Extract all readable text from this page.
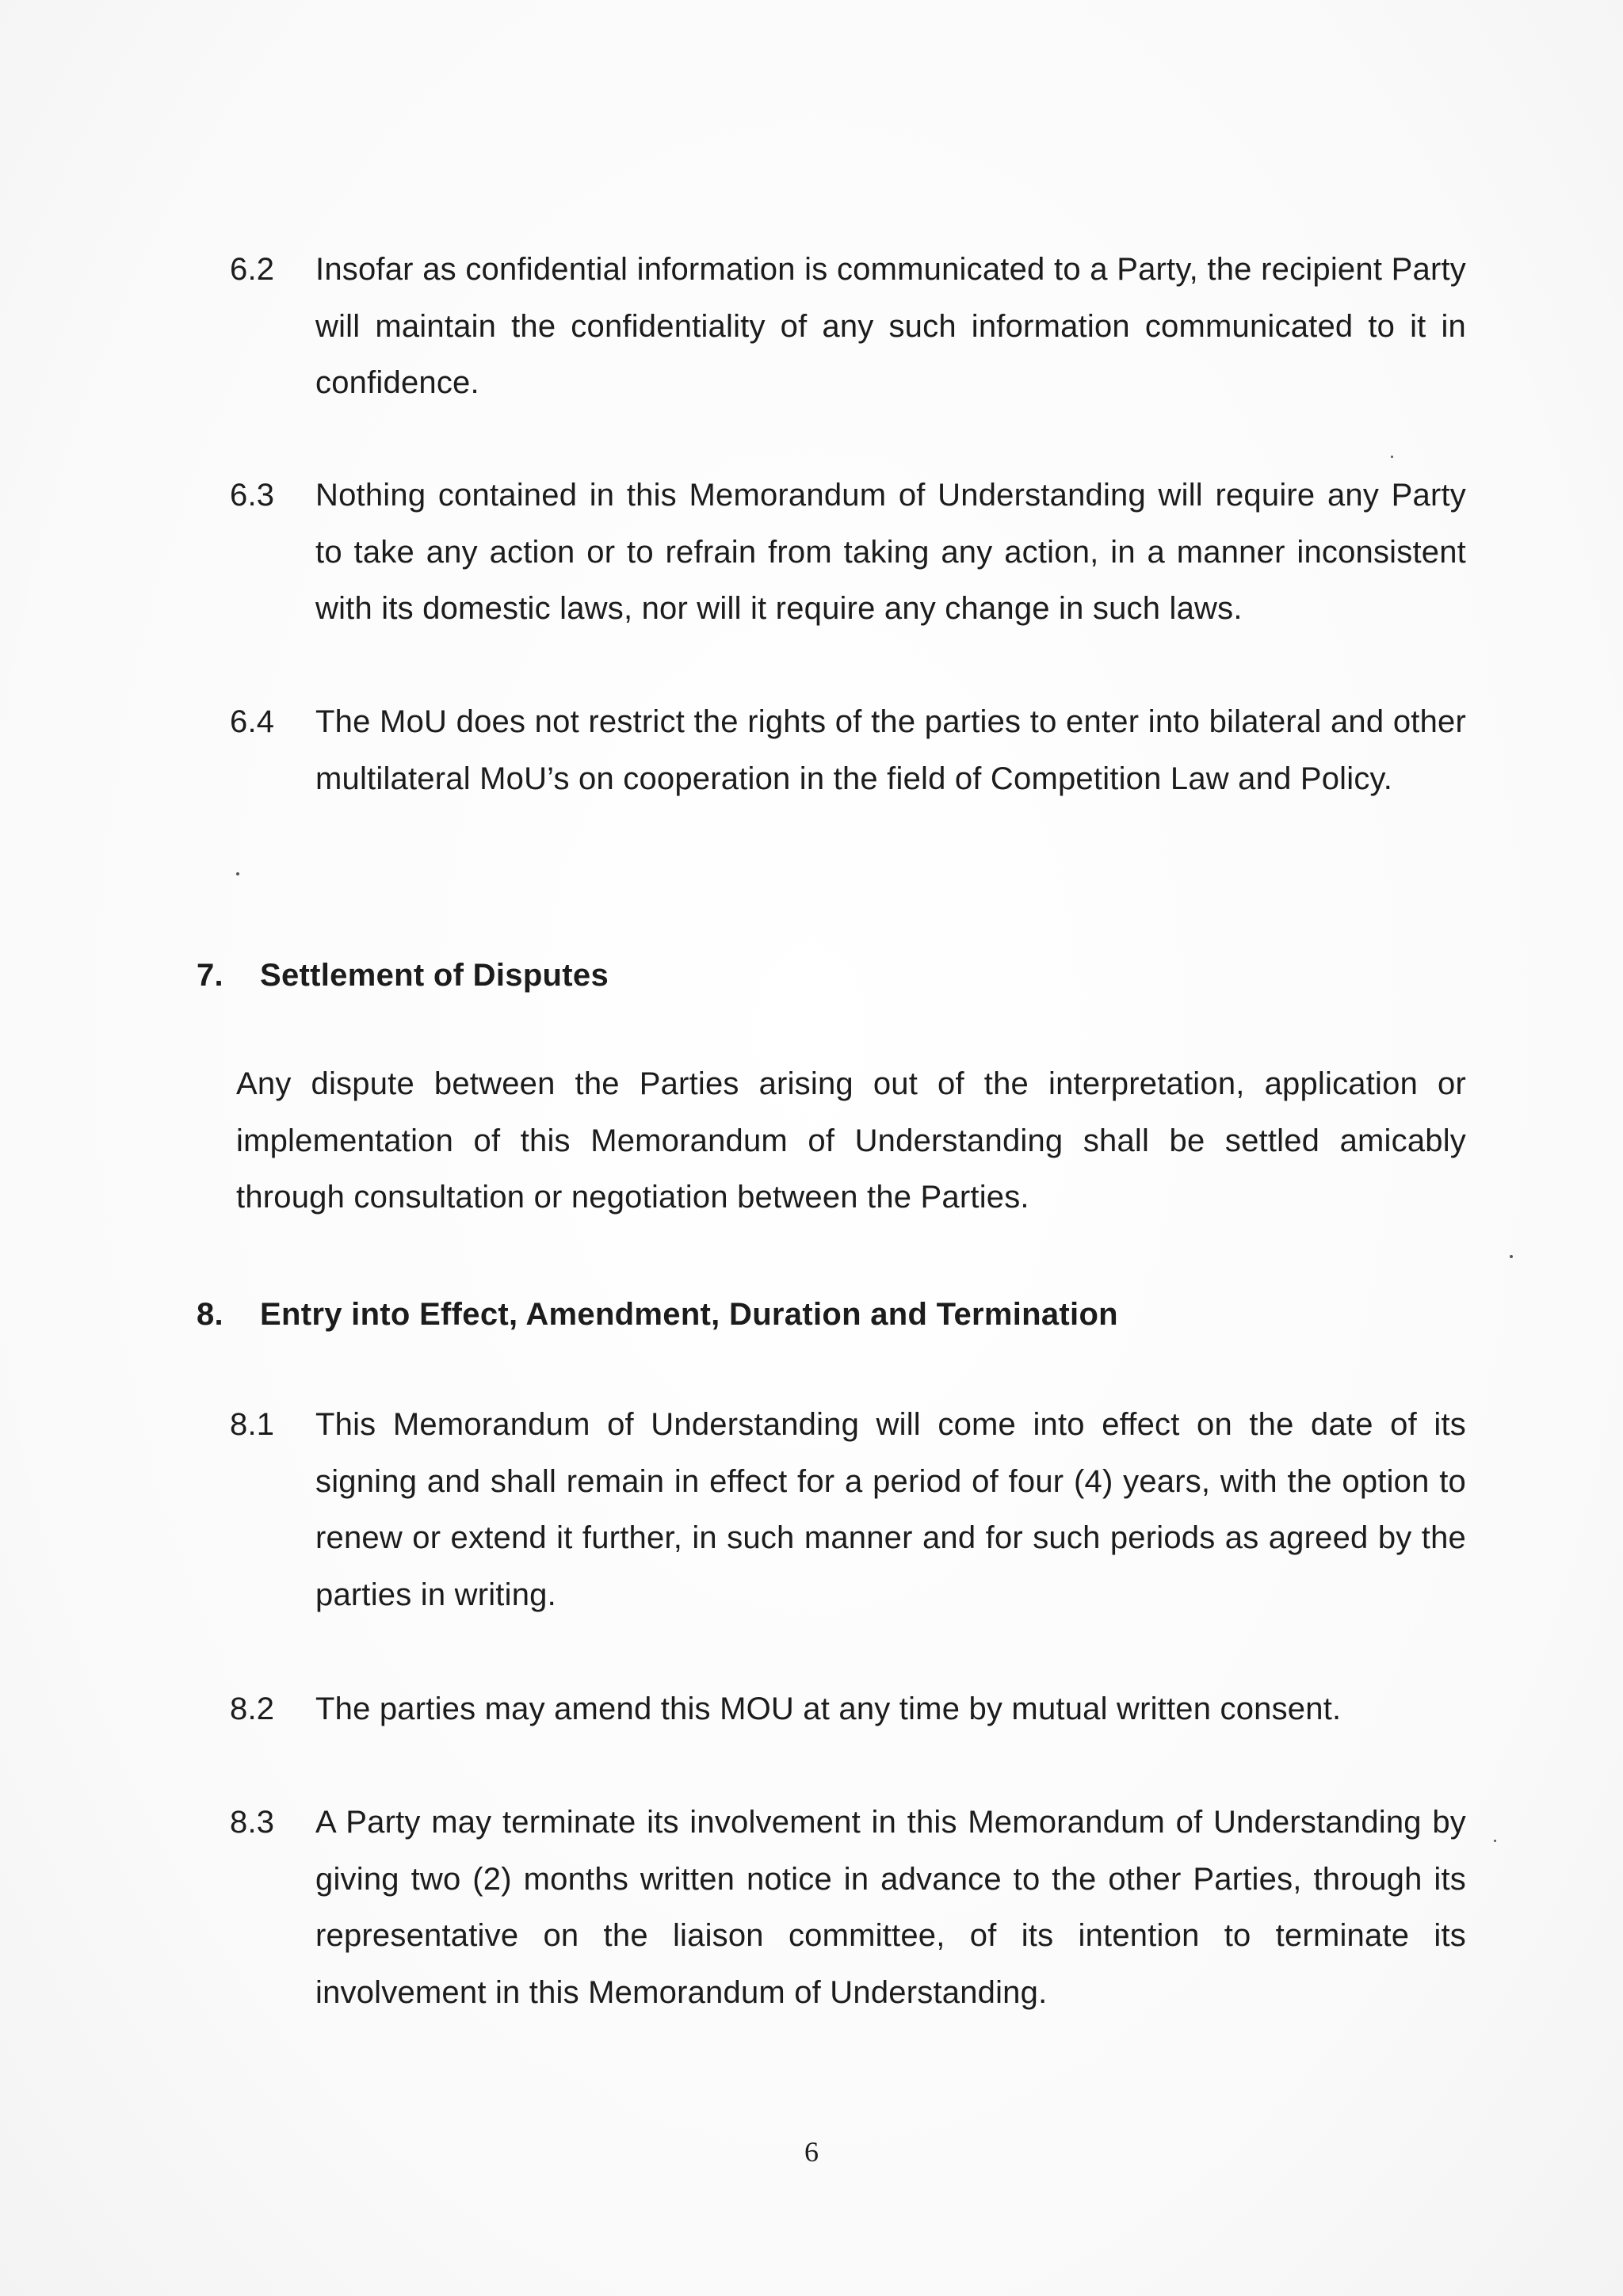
6.2	Insofar as confidential information is communicated to a Party, the recipient Party will maintain the confidentiality of any such information communicated to it in confidence.
6.3	Nothing contained in this Memorandum of Understanding will require any Party to take any action or to refrain from taking any action, in a manner inconsistent with its domestic laws, nor will it require any change in such laws.
6.4	The MoU does not restrict the rights of the parties to enter into bilateral and other multilateral MoU’s on cooperation in the field of Competition Law and Policy.
7. Settlement of Disputes
Any dispute between the Parties arising out of the interpretation, application or implementation of this Memorandum of Understanding shall be settled amicably through consultation or negotiation between the Parties.
8. Entry into Effect, Amendment, Duration and Termination
8.1	This Memorandum of Understanding will come into effect on the date of its signing and shall remain in effect for a period of four (4) years, with the option to renew or extend it further, in such manner and for such periods as agreed by the parties in writing.
8.2	The parties may amend this MOU at any time by mutual written consent.
8.3	A Party may terminate its involvement in this Memorandum of Understanding by giving two (2) months written notice in advance to the other Parties, through its representative on the liaison committee, of its intention to terminate its involvement in this Memorandum of Understanding.
6
